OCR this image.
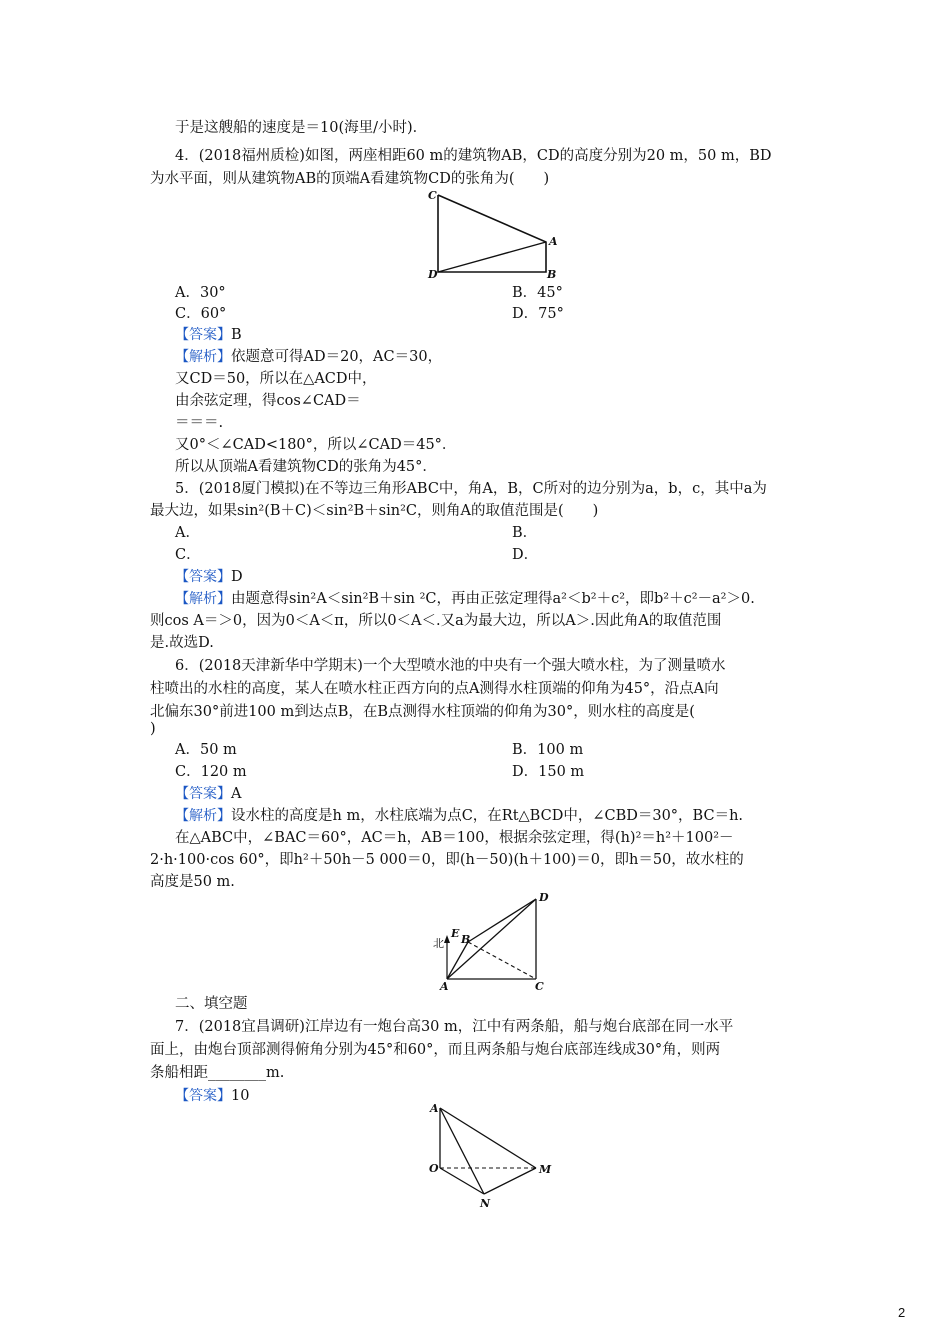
于是这艘船的速度是＝10(海里/小时)．
4．(2018福州质检)如图，两座相距60 m的建筑物AB，CD的高度分别为20 m，50 m，BD
为水平面，则从建筑物AB的顶端A看建筑物CD的张角为(　　)
C
A
D	B
A．30°	B．45°
C．60°	D．75°
【答案】B
【解析】依题意可得AD＝20，AC＝30，
又CD＝50，所以在△ACD中，
由余弦定理，得cos∠CAD＝
＝＝＝.
又0°＜∠CAD<180°，所以∠CAD＝45°．
所以从顶端A看建筑物CD的张角为45°．
5．(2018厦门模拟)在不等边三角形ABC中，角A，B，C所对的边分别为a，b，c，其中a为
最大边，如果sin²(B＋C)＜sin²B＋sin²C，则角A的取值范围是(　　)
A．	B．
C．	D．
【答案】D
【解析】由题意得sin²A＜sin²B＋sin ²C，再由正弦定理得a²＜b²＋c²，即b²＋c²－a²＞0.
则cos A＝＞0，因为0＜A＜π，所以0＜A＜.又a为最大边，所以A＞.因此角A的取值范围
是.故选D.
6．(2018天津新华中学期末)一个大型喷水池的中央有一个强大喷水柱，为了测量喷水
柱喷出的水柱的高度，某人在喷水柱正西方向的点A测得水柱顶端的仰角为45°，沿点A向
北偏东30°前进100 m到达点B，在B点测得水柱顶端的仰角为30°，则水柱的高度是(
)
A．50 m	B．100 m
C．120 m	D．150 m
【答案】A
【解析】设水柱的高度是h m，水柱底端为点C，在Rt△BCD中，∠CBD＝30°，BC＝h.
在△ABC中，∠BAC＝60°，AC＝h，AB＝100，根据余弦定理，得(h)²＝h²＋100²－
2·h·100·cos 60°，即h²＋50h－5 000＝0，即(h－50)(h＋100)＝0，即h＝50，故水柱的
高度是50 m.
D
北
E B
A	C
二、填空题
7．(2018宜昌调研)江岸边有一炮台高30 m，江中有两条船，船与炮台底部在同一水平
面上，由炮台顶部测得俯角分别为45°和60°，而且两条船与炮台底部连线成30°角，则两
条船相距________m.
【答案】10
A
O	M
N
2
